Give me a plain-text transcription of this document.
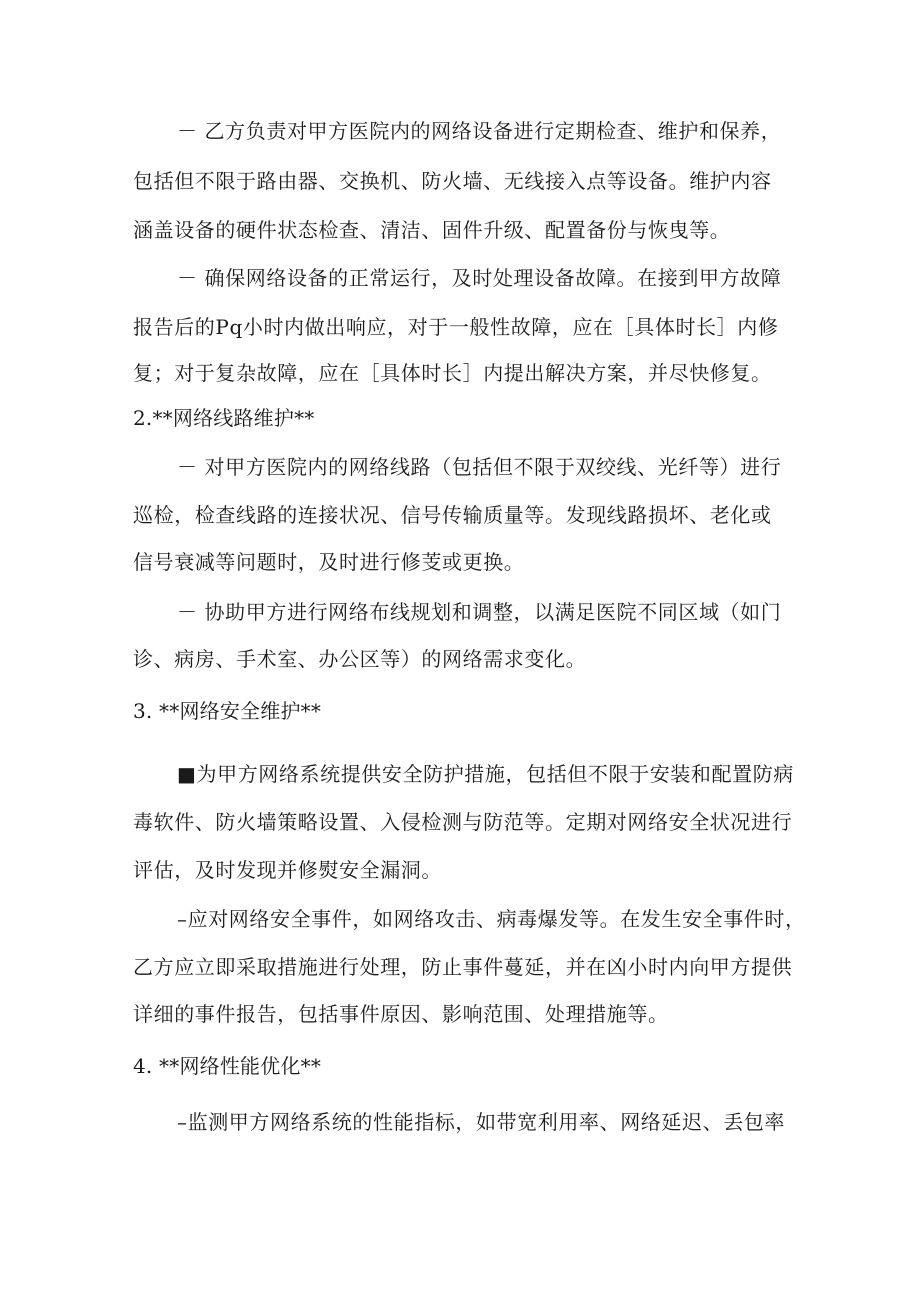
－ 乙方负责对甲方医院内的网络设备进行定期检查、维护和保养，
包括但不限于路由器、交换机、防火墙、无线接入点等设备。维护内容
涵盖设备的硬件状态检查、清洁、固件升级、配置备份与恢曳等。
－ 确保网络设备的正常运行，及时处理设备故障。在接到甲方故障
报告后的Pq小时内做出响应，对于一般性故障，应在［具体时长］内修
复；对于复杂故障，应在［具体时长］内提出解决方案，并尽快修复。
2.**网络线路维护**
－ 对甲方医院内的网络线路（包括但不限于双绞线、光纤等）进行
巡检，检查线路的连接状况、信号传输质量等。发现线路损坏、老化或
信号衰减等问题时，及时进行修芰或更换。
－ 协助甲方进行网络布线规划和调整，以满足医院不同区域（如门
诊、病房、手术室、办公区等）的网络需求变化。
3. **网络安全维护**
■为甲方网络系统提供安全防护措施，包括但不限于安装和配置防病
毒软件、防火墙策略设置、入侵检测与防范等。定期对网络安全状况进行
评估，及时发现并修熨安全漏洞。
–应对网络安全事件，如网络攻击、病毒爆发等。在发生安全事件时，
乙方应立即采取措施进行处理，防止事件蔓延，并在凶小时内向甲方提供
详细的事件报告，包括事件原因、影响范围、处理措施等。
4. **网络性能优化**
–监测甲方网络系统的性能指标，如带宽利用率、网络延迟、丢包率
